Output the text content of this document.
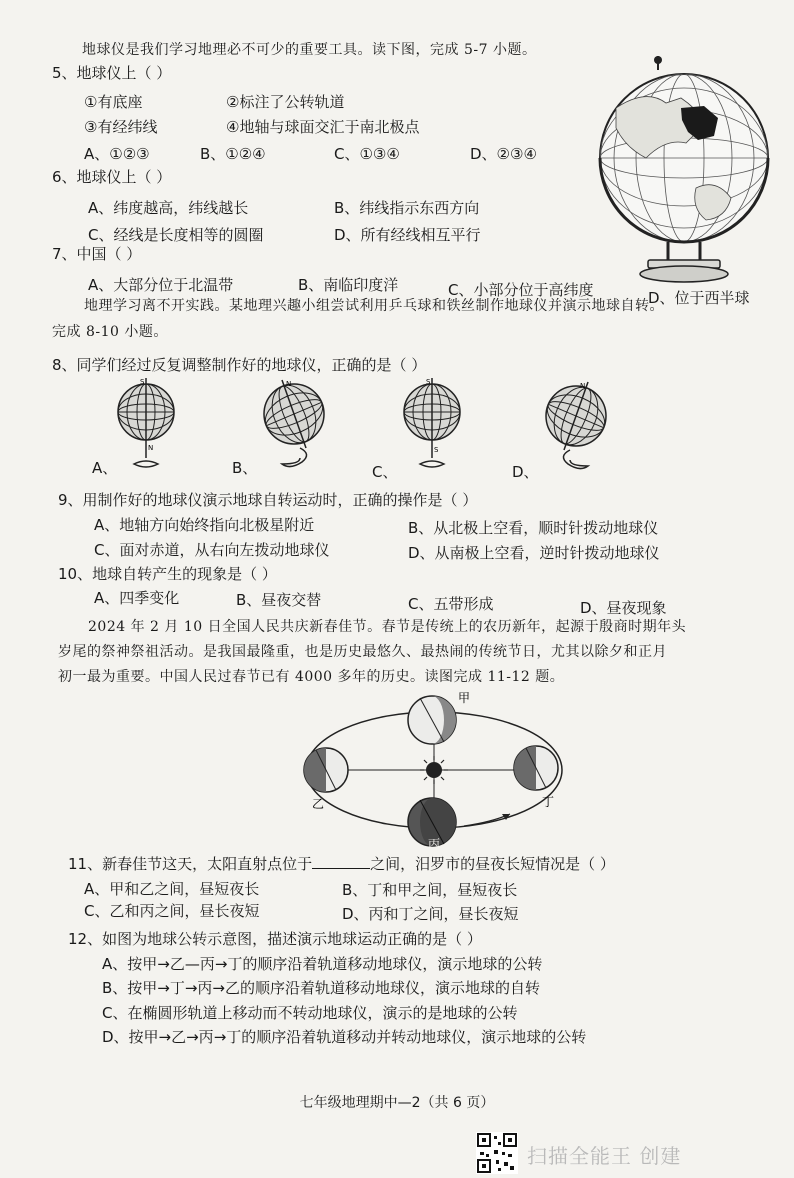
地球仪是我们学习地理必不可少的重要工具。读下图，完成 5-7 小题。
5、地球仪上（ ）
①有底座	②标注了公转轨道
③有经纬线	④地轴与球面交汇于南北极点
A、①②③	B、①②④	C、①③④	D、②③④
6、地球仪上（ ）
A、纬度越高，纬线越长	B、纬线指示东西方向
C、经线是长度相等的圆圈	D、所有经线相互平行
7、中国（ ）
A、大部分位于北温带	B、南临印度洋	C、小部分位于高纬度	D、位于西半球
地理学习离不开实践。某地理兴趣小组尝试利用乒乓球和铁丝制作地球仪并演示地球自转。
完成 8-10 小题。
8、同学们经过反复调整制作好的地球仪，正确的是（ ）
S
N
A、
N
B、
S
S
C、
N
D、
9、用制作好的地球仪演示地球自转运动时，正确的操作是（ ）
A、地轴方向始终指向北极星附近	B、从北极上空看，顺时针拨动地球仪
C、面对赤道，从右向左拨动地球仪	D、从南极上空看，逆时针拨动地球仪
10、地球自转产生的现象是（ ）
A、四季变化	B、昼夜交替	C、五带形成	D、昼夜现象
2024 年 2 月 10 日全国人民共庆新春佳节。春节是传统上的农历新年，起源于殷商时期年头
岁尾的祭神祭祖活动。是我国最隆重，也是历史最悠久、最热闹的传统节日，尤其以除夕和正月
初一最为重要。中国人民过春节已有 4000 多年的历史。读图完成 11-12 题。
甲
乙	丁
丙
11、新春佳节这天，太阳直射点位于	之间，汨罗市的昼夜长短情况是（ ）
A、甲和乙之间，昼短夜长	B、丁和甲之间，昼短夜长
C、乙和丙之间，昼长夜短	D、丙和丁之间，昼长夜短
12、如图为地球公转示意图，描述演示地球运动正确的是（ ）
A、按甲→乙—丙→丁的顺序沿着轨道移动地球仪，演示地球的公转
B、按甲→丁→丙→乙的顺序沿着轨道移动地球仪，演示地球的自转
C、在椭圆形轨道上移动而不转动地球仪，演示的是地球的公转
D、按甲→乙→丙→丁的顺序沿着轨道移动并转动地球仪，演示地球的公转
七年级地理期中—2（共 6 页）
扫描全能王 创建
